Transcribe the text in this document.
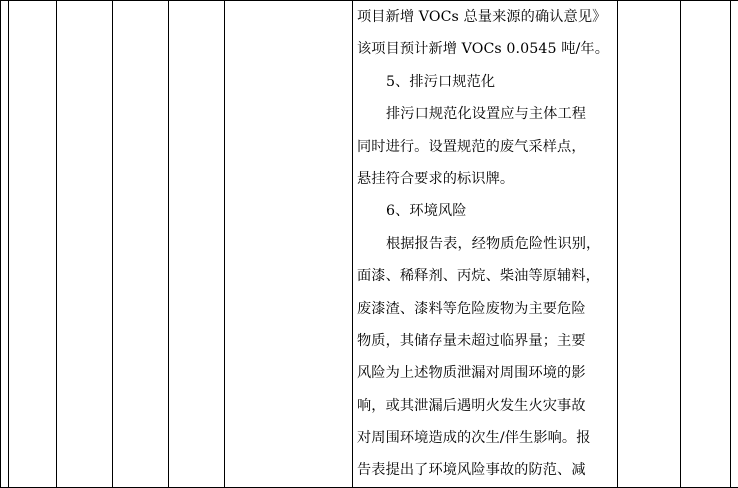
项目新增 VOCs 总量来源的确认意见》
该项目预计新增 VOCs 0.0545 吨/年。
5、排污口规范化
排污口规范化设置应与主体工程
同时进行。设置规范的废气采样点，
悬挂符合要求的标识牌。
6、环境风险
根据报告表，经物质危险性识别，
面漆、稀释剂、丙烷、柴油等原辅料，
废漆渣、漆料等危险废物为主要危险
物质，其储存量未超过临界量；主要
风险为上述物质泄漏对周围环境的影
响，或其泄漏后遇明火发生火灾事故
对周围环境造成的次生/伴生影响。报
告表提出了环境风险事故的防范、减
